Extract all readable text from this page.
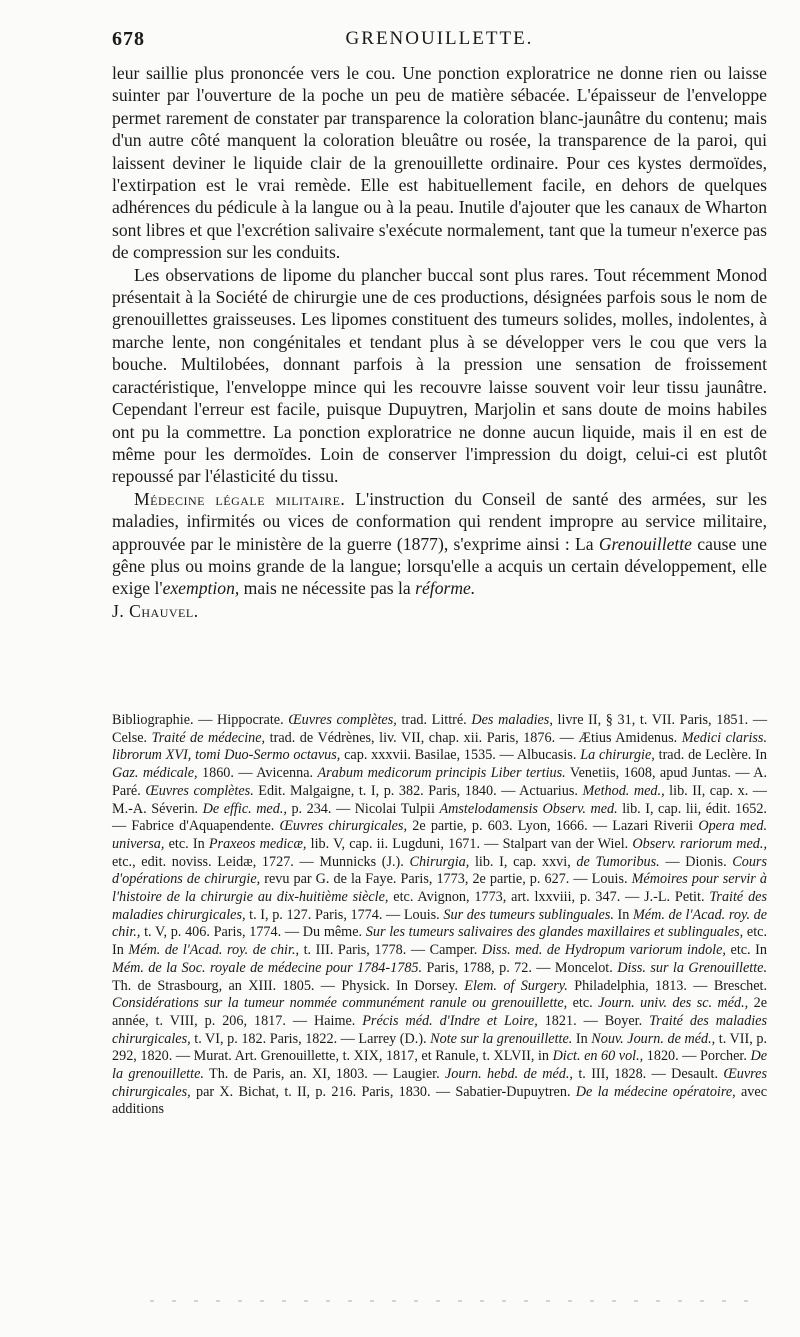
678	GRENOUILLETTE.

leur saillie plus prononcée vers le cou. Une ponction exploratrice ne donne rien ou laisse suinter par l'ouverture de la poche un peu de matière sébacée. L'épaisseur de l'enveloppe permet rarement de constater par transparence la coloration blanc-jaunâtre du contenu; mais d'un autre côté manquent la coloration bleuâtre ou rosée, la transparence de la paroi, qui laissent deviner le liquide clair de la grenouillette ordinaire. Pour ces kystes dermoïdes, l'extirpation est le vrai remède. Elle est habituellement facile, en dehors de quelques adhérences du pédicule à la langue ou à la peau. Inutile d'ajouter que les canaux de Wharton sont libres et que l'excrétion salivaire s'exécute normalement, tant que la tumeur n'exerce pas de compression sur les conduits.

Les observations de lipome du plancher buccal sont plus rares. Tout récemment Monod présentait à la Société de chirurgie une de ces productions, désignées parfois sous le nom de grenouillettes graisseuses. Les lipomes constituent des tumeurs solides, molles, indolentes, à marche lente, non congénitales et tendant plus à se développer vers le cou que vers la bouche. Multilobées, donnant parfois à la pression une sensation de froissement caractéristique, l'enveloppe mince qui les recouvre laisse souvent voir leur tissu jaunâtre. Cependant l'erreur est facile, puisque Dupuytren, Marjolin et sans doute de moins habiles ont pu la commettre. La ponction exploratrice ne donne aucun liquide, mais il en est de même pour les dermoïdes. Loin de conserver l'impression du doigt, celui-ci est plutôt repoussé par l'élasticité du tissu.

Médecine légale militaire. L'instruction du Conseil de santé des armées, sur les maladies, infirmités ou vices de conformation qui rendent impropre au service militaire, approuvée par le ministère de la guerre (1877), s'exprime ainsi : La Grenouillette cause une gêne plus ou moins grande de la langue; lorsqu'elle a acquis un certain développement, elle exige l'exemption, mais ne nécessite pas la réforme.

J. Chauvel.

Bibliographie. — Hippocrate. Œuvres complètes, trad. Littré. Des maladies, livre II, § 31, t. VII. Paris, 1851. — Celse. Traité de médecine, trad. de Védrènes, liv. VII, chap. xii. Paris, 1876. — Ætius Amidenus. Medici clariss. librorum XVI, tomi Duo-Sermo octavus, cap. xxxvii. Basilae, 1535. — Albucasis. La chirurgie, trad. de Leclère. In Gaz. médicale, 1860. — Avicenna. Arabum medicorum principis Liber tertius. Venetiis, 1608, apud Juntas. — A. Paré. Œuvres complètes. Edit. Malgaigne, t. I, p. 382. Paris, 1840. — Actuarius. Method. med., lib. II, cap. x. — M.-A. Séverin. De effic. med., p. 234. — Nicolai Tulpii Amstelodamensis Observ. med. lib. I, cap. lii, édit. 1652. — Fabrice d'Aquapendente. Œuvres chirurgicales, 2e partie, p. 603. Lyon, 1666. — Lazari Riverii Opera med. universa, etc. In Praxeos medicæ, lib. V, cap. ii. Lugduni, 1671. — Stalpart van der Wiel. Observ. rariorum med., etc., edit. noviss. Leidæ, 1727. — Munnicks (J.). Chirurgia, lib. I, cap. xxvi, de Tumoribus. — Dionis. Cours d'opérations de chirurgie, revu par G. de la Faye. Paris, 1773, 2e partie, p. 627. — Louis. Mémoires pour servir à l'histoire de la chirurgie au dix-huitième siècle, etc. Avignon, 1773, art. lxxviii, p. 347. — J.-L. Petit. Traité des maladies chirurgicales, t. I, p. 127. Paris, 1774. — Louis. Sur des tumeurs sublinguales. In Mém. de l'Acad. roy. de chir., t. V, p. 406. Paris, 1774. — Du même. Sur les tumeurs salivaires des glandes maxillaires et sublinguales, etc. In Mém. de l'Acad. roy. de chir., t. III. Paris, 1778. — Camper. Diss. med. de Hydropum variorum indole, etc. In Mém. de la Soc. royale de médecine pour 1784-1785. Paris, 1788, p. 72. — Moncelot. Diss. sur la Grenouillette. Th. de Strasbourg, an XIII. 1805. — Physick. In Dorsey. Elem. of Surgery. Philadelphia, 1813. — Breschet. Considérations sur la tumeur nommée communément ranule ou grenouillette, etc. Journ. univ. des sc. méd., 2e année, t. VIII, p. 206, 1817. — Haime. Précis méd. d'Indre et Loire, 1821. — Boyer. Traité des maladies chirurgicales, t. VI, p. 182. Paris, 1822. — Larrey (D.). Note sur la grenouillette. In Nouv. Journ. de méd., t. VII, p. 292, 1820. — Murat. Art. Grenouillette, t. XIX, 1817, et Ranule, t. XLVII, in Dict. en 60 vol., 1820. — Porcher. De la grenouillette. Th. de Paris, an. XI, 1803. — Laugier. Journ. hebd. de méd., t. III, 1828. — Desault. Œuvres chirurgicales, par X. Bichat, t. II, p. 216. Paris, 1830. — Sabatier-Dupuytren. De la médecine opératoire, avec additions
